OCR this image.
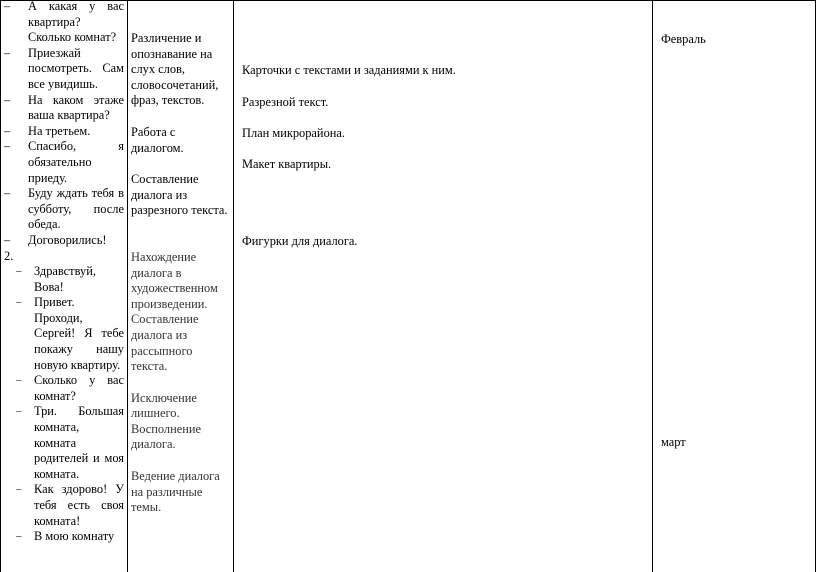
– А какая у вас квартира? Сколько комнат?
– Приезжай посмотреть. Сам все увидишь.
– На каком этаже ваша квартира?
– На третьем.
– Спасибо, я обязательно приеду.
– Буду ждать тебя в субботу, после обеда.
– Договорились!
2.
– Здравствуй, Вова!
– Привет. Проходи, Сергей! Я тебе покажу нашу новую квартиру.
– Сколько у вас комнат?
– Три. Большая комната, комната родителей и моя комната.
– Как здорово! У тебя есть своя комната!
– В мою комнату
Различение и опознавание на слух слов, словосочетаний, фраз, текстов.
Работа с диалогом.
Составление диалога из разрезного текста.
Нахождение диалога в художественном произведении.
Составление диалога из рассыпного текста.
Исключение лишнего. Восполнение диалога.
Ведение диалога на различные темы.
Карточки с текстами и заданиями к ним.
Разрезной текст.
План микрорайона.
Макет квартиры.
Фигурки для диалога.
Февраль
март
